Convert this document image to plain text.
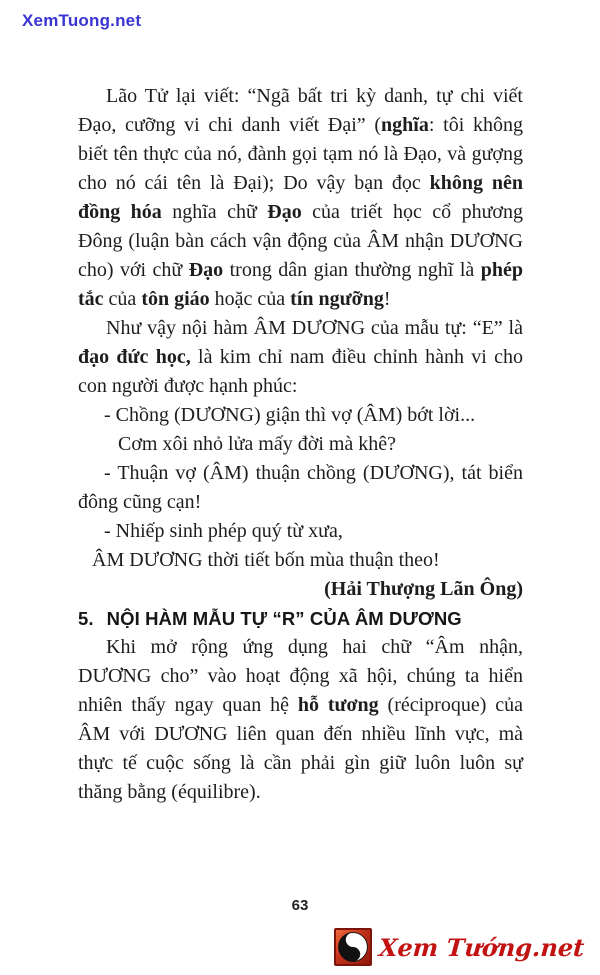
XemTuong.net

Lão Tử lại viết: “Ngã bất tri kỳ danh, tự chi viết Đạo, cưỡng vi chi danh viết Đại” (nghĩa: tôi không biết tên thực của nó, đành gọi tạm nó là Đạo, và gượng cho nó cái tên là Đại); Do vậy bạn đọc không nên đồng hóa nghĩa chữ Đạo của triết học cổ phương Đông (luận bàn cách vận động của ÂM nhận DƯƠNG cho) với chữ Đạo trong dân gian thường nghĩ là phép tắc của tôn giáo hoặc của tín ngưỡng!

Như vậy nội hàm ÂM DƯƠNG của mẫu tự: “E” là đạo đức học, là kim chỉ nam điều chỉnh hành vi cho con người được hạnh phúc:

- Chồng (DƯƠNG) giận thì vợ (ÂM) bớt lời...

Cơm xôi nhỏ lửa mấy đời mà khê?

- Thuận vợ (ÂM) thuận chồng (DƯƠNG), tát biển đông cũng cạn!

- Nhiếp sinh phép quý từ xưa,

ÂM DƯƠNG thời tiết bốn mùa thuận theo!

(Hải Thượng Lãn Ông)

5. NỘI HÀM MẪU TỰ “R” CỦA ÂM DƯƠNG

Khi mở rộng ứng dụng hai chữ “Âm nhận, DƯƠNG cho” vào hoạt động xã hội, chúng ta hiển nhiên thấy ngay quan hệ hỗ tương (réciproque) của ÂM với DƯƠNG liên quan đến nhiều lĩnh vực, mà thực tế cuộc sống là cần phải gìn giữ luôn luôn sự thăng bằng (équilibre).

63
Xem Tướng.net
